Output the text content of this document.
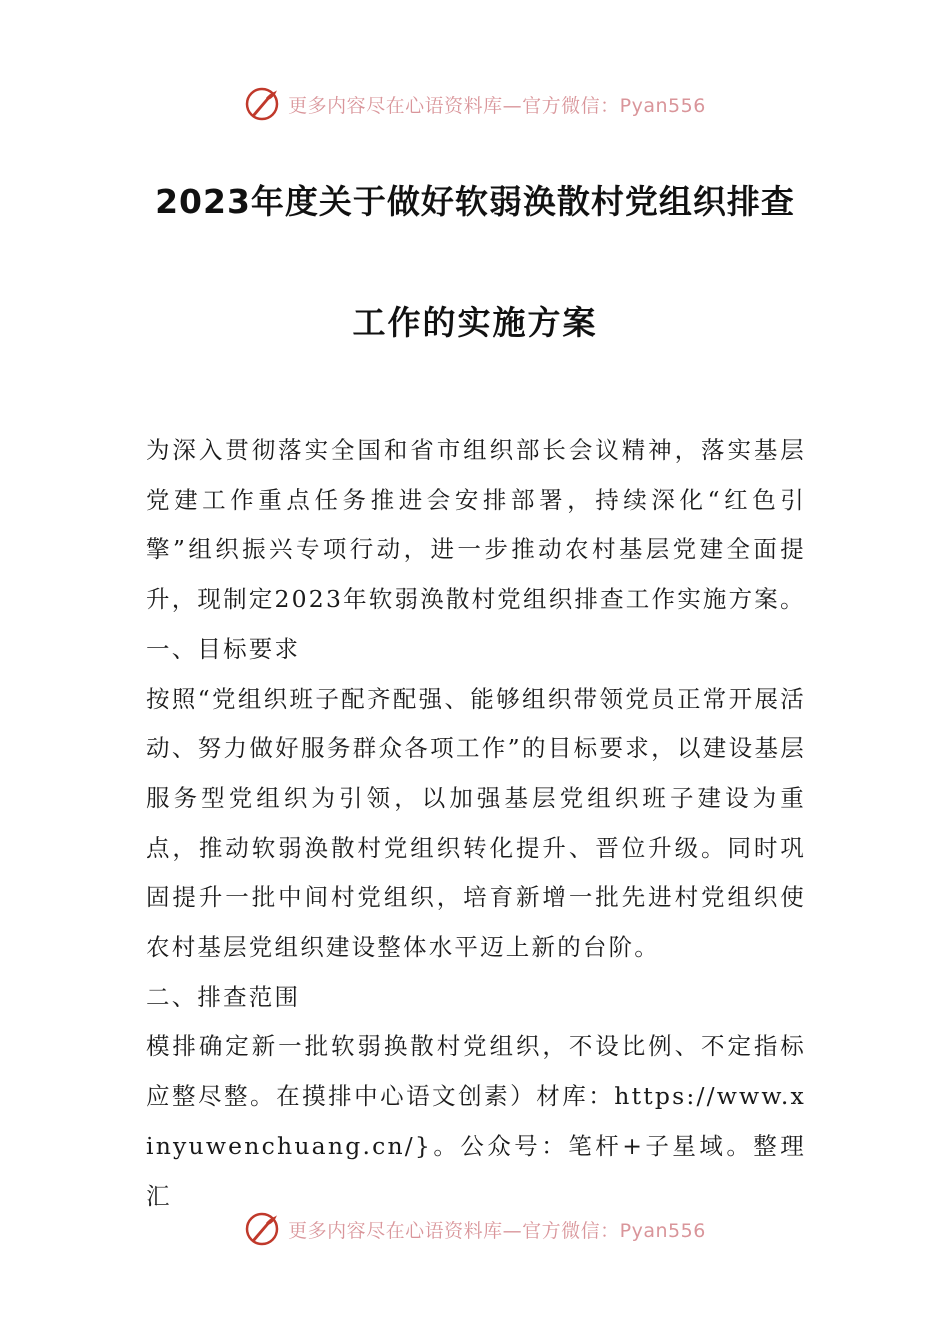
更多内容尽在心语资料库—官方微信：Pyan556
2023年度关于做好软弱涣散村党组织排查
工作的实施方案

为深入贯彻落实全国和省市组织部长会议精神，落实基层党建工作重点任务推进会安排部署，持续深化“红色引擎”组织振兴专项行动，进一步推动农村基层党建全面提升，现制定2023年软弱涣散村党组织排查工作实施方案。

一、目标要求

按照“党组织班子配齐配强、能够组织带领党员正常开展活动、努力做好服务群众各项工作”的目标要求，以建设基层服务型党组织为引领，以加强基层党组织班子建设为重点，推动软弱涣散村党组织转化提升、晋位升级。同时巩固提升一批中间村党组织，培育新增一批先进村党组织使农村基层党组织建设整体水平迈上新的台阶。

二、排查范围

模排确定新一批软弱换散村党组织，不设比例、不定指标应整尽整。在摸排中心语文创素）材库：https://www.xinyuwenchuang.cn/}。公众号：笔杆+子星域。整理汇

更多内容尽在心语资料库—官方微信：Pyan556
